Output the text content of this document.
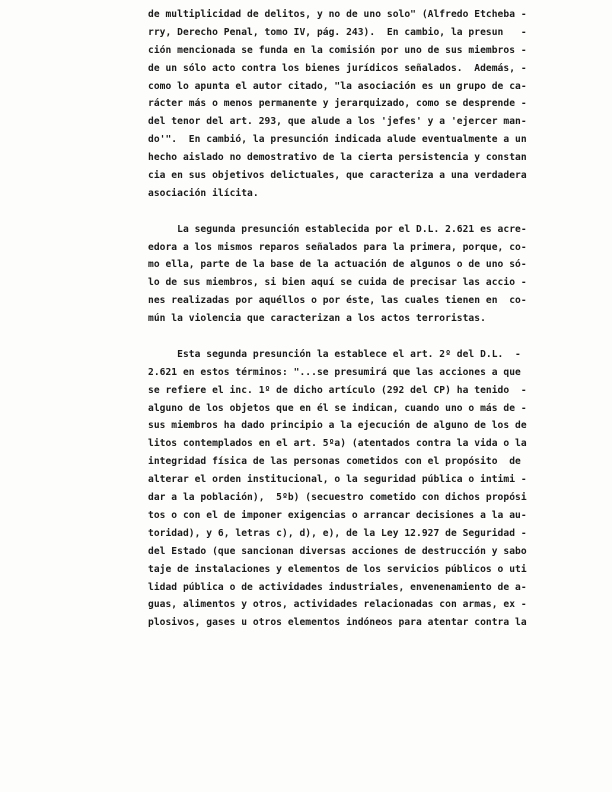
de multiplicidad de delitos, y no de uno solo" (Alfredo Etcheba -
rry, Derecho Penal, tomo IV, pág. 243).  En cambio, la presun   -
ción mencionada se funda en la comisión por uno de sus miembros -
de un sólo acto contra los bienes jurídicos señalados.  Además, -
como lo apunta el autor citado, "la asociación es un grupo de ca-
rácter más o menos permanente y jerarquizado, como se desprende -
del tenor del art. 293, que alude a los 'jefes' y a 'ejercer man-
do'".  En cambió, la presunción indicada alude eventualmente a un
hecho aislado no demostrativo de la cierta persistencia y constan
cia en sus objetivos delictuales, que caracteriza a una verdadera
asociación ilícita.
La segunda presunción establecida por el D.L. 2.621 es acre-
edora a los mismos reparos señalados para la primera, porque, co-
mo ella, parte de la base de la actuación de algunos o de uno só-
lo de sus miembros, si bien aquí se cuida de precisar las accio -
nes realizadas por aquéllos o por éste, las cuales tienen en  co-
mún la violencia que caracterizan a los actos terroristas.
Esta segunda presunción la establece el art. 2º del D.L.  -
2.621 en estos términos: "...se presumirá que las acciones a que
se refiere el inc. 1º de dicho artículo (292 del CP) ha tenido  -
alguno de los objetos que en él se indican, cuando uno o más de -
sus miembros ha dado principio a la ejecución de alguno de los de
litos contemplados en el art. 5ºa) (atentados contra la vida o la
integridad física de las personas cometidos con el propósito  de
alterar el orden institucional, o la seguridad pública o intimi -
dar a la población),  5ºb) (secuestro cometido con dichos propósi
tos o con el de imponer exigencias o arrancar decisiones a la au-
toridad), y 6, letras c), d), e), de la Ley 12.927 de Seguridad -
del Estado (que sancionan diversas acciones de destrucción y sabo
taje de instalaciones y elementos de los servicios públicos o uti
lidad pública o de actividades industriales, envenenamiento de a-
guas, alimentos y otros, actividades relacionadas con armas, ex -
plosivos, gases u otros elementos indóneos para atentar contra la
